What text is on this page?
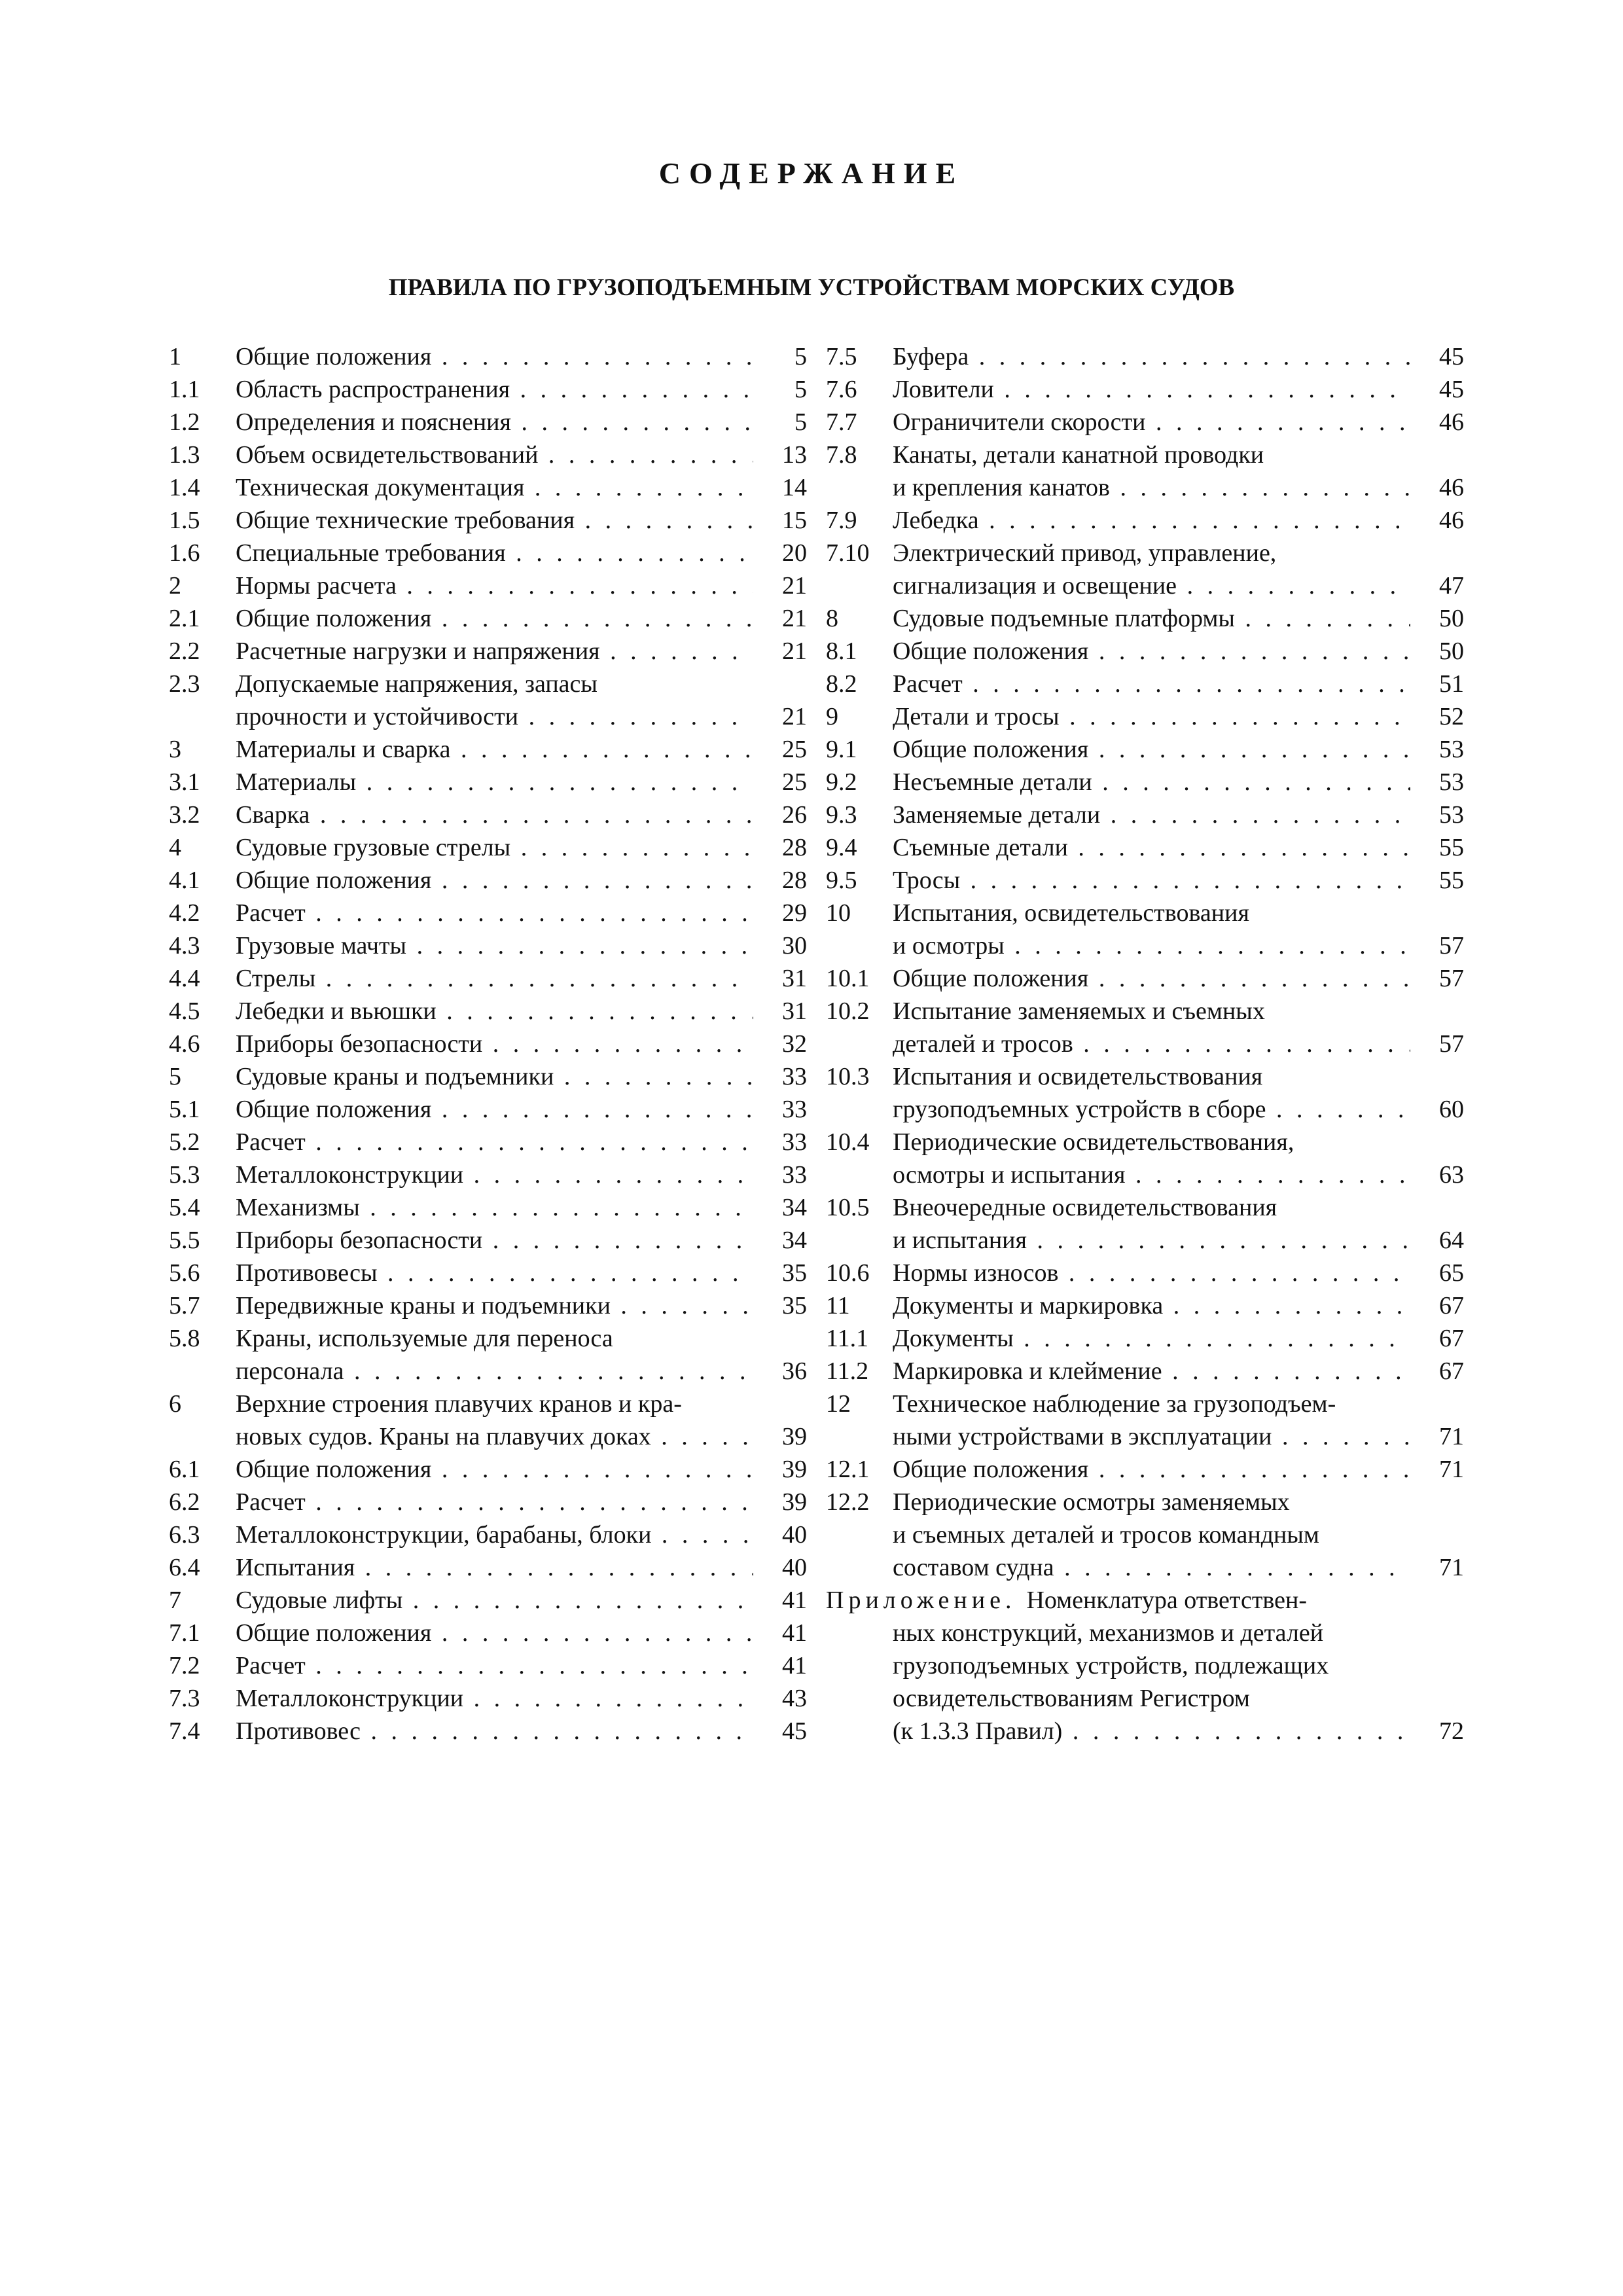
СОДЕРЖАНИЕ
ПРАВИЛА ПО ГРУЗОПОДЪЕМНЫМ УСТРОЙСТВАМ МОРСКИХ СУДОВ
1	Общие положения . . .	5
1.1	Область распространения . . .	5
1.2	Определения и пояснения . . .	5
1.3	Объем освидетельствований . . .	13
1.4	Техническая документация . . .	14
1.5	Общие технические требования . . .	15
1.6	Специальные требования . . .	20
2	Нормы расчета . . .	21
2.1	Общие положения . . .	21
2.2	Расчетные нагрузки и напряжения . . .	21
2.3	Допускаемые напряжения, запасы
прочности и устойчивости . . .	21
3	Материалы и сварка . . .	25
3.1	Материалы . . .	25
3.2	Сварка . . .	26
4	Судовые грузовые стрелы . . .	28
4.1	Общие положения . . .	28
4.2	Расчет . . .	29
4.3	Грузовые мачты . . .	30
4.4	Стрелы . . .	31
4.5	Лебедки и вьюшки . . .	31
4.6	Приборы безопасности . . .	32
5	Судовые краны и подъемники . . .	33
5.1	Общие положения . . .	33
5.2	Расчет . . .	33
5.3	Металлоконструкции . . .	33
5.4	Механизмы . . .	34
5.5	Приборы безопасности . . .	34
5.6	Противовесы . . .	35
5.7	Передвижные краны и подъемники . . .	35
5.8	Краны, используемые для переноса
персонала . . .	36
6	Верхние строения плавучих кранов и кра-
новых судов. Краны на плавучих доках . . .	39
6.1	Общие положения . . .	39
6.2	Расчет . . .	39
6.3	Металлоконструкции, барабаны, блоки . . .	40
6.4	Испытания . . .	40
7	Судовые лифты . . .	41
7.1	Общие положения . . .	41
7.2	Расчет . . .	41
7.3	Металлоконструкции . . .	43
7.4	Противовес . . .	45
7.5	Буфера . . .	45
7.6	Ловители . . .	45
7.7	Ограничители скорости . . .	46
7.8	Канаты, детали канатной проводки
и крепления канатов . . .	46
7.9	Лебедка . . .	46
7.10 Электрический привод, управление,
сигнализация и освещение . . .	47
8	Судовые подъемные платформы . . .	50
8.1	Общие положения . . .	50
8.2	Расчет . . .	51
9	Детали и тросы . . .	52
9.1	Общие положения . . .	53
9.2	Несъемные детали . . .	53
9.3	Заменяемые детали . . .	53
9.4	Съемные детали . . .	55
9.5	Тросы . . .	55
10	Испытания, освидетельствования
и осмотры . . .	57
10.1 Общие положения . . .	57
10.2 Испытание заменяемых и съемных
деталей и тросов . . .	57
10.3 Испытания и освидетельствования
грузоподъемных устройств в сборе . . .	60
10.4 Периодические освидетельствования,
осмотры и испытания . . .	63
10.5 Внеочередные освидетельствования
и испытания . . .	64
10.6 Нормы износов . . .	65
11	Документы и маркировка . . .	67
11.1 Документы . . .	67
11.2 Маркировка и клеймение . . .	67
12	Техническое наблюдение за грузоподъем-
ными устройствами в эксплуатации . . .	71
12.1 Общие положения . . .	71
12.2 Периодические осмотры заменяемых
и съемных деталей и тросов командным
составом судна . . .	71
Приложение. Номенклатура ответствен-
ных конструкций, механизмов и деталей
грузоподъемных устройств, подлежащих
освидетельствованиям Регистром
(к 1.3.3 Правил) . . .	72
